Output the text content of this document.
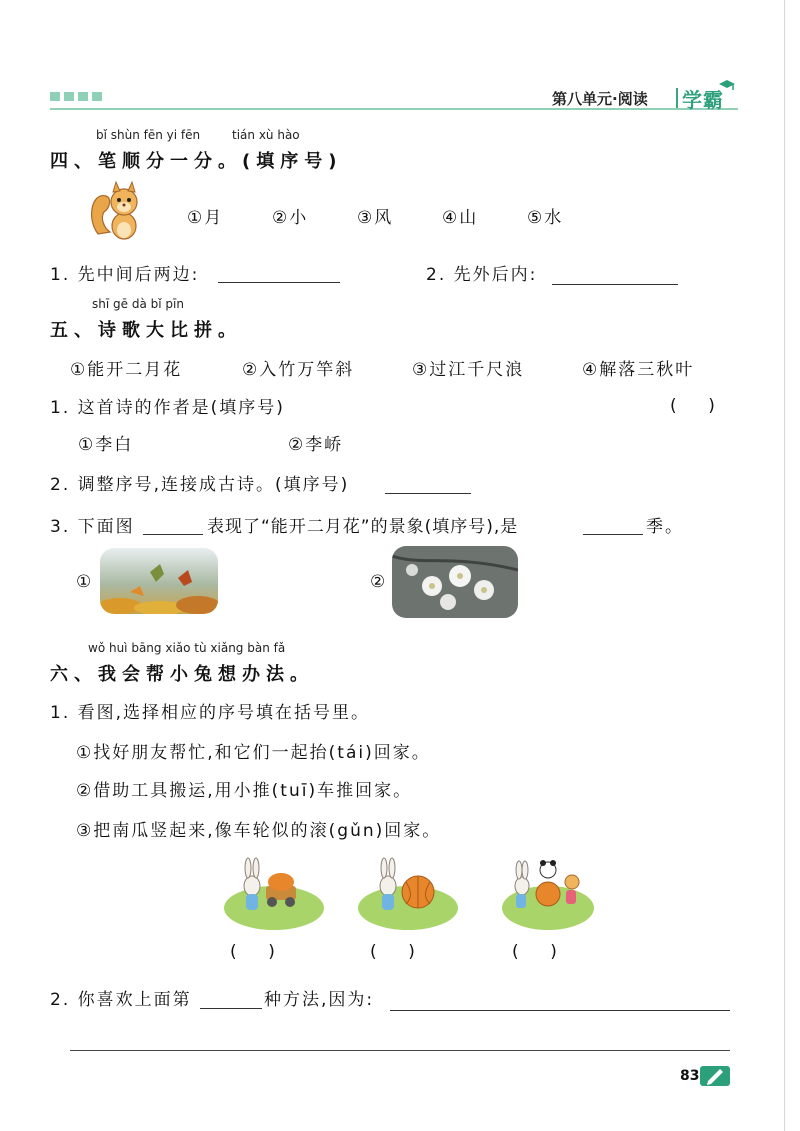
第八单元·阅读 学霸
bǐ shùn fēn yi fēn	tián xù hào
四、笔顺分一分。(填序号)
①月	②小	③风	④山	⑤水
1. 先中间后两边:	2. 先外后内:
shī gē dà bǐ pīn
五、诗歌大比拼。
①能开二月花	②入竹万竿斜	③过江千尺浪	④解落三秋叶
1. 这首诗的作者是(填序号)	(    )
①李白	②李峤
2. 调整序号,连接成古诗。(填序号)
3. 下面图	表现了“能开二月花”的景象(填序号),是	季。
①	②
wǒ huì bāng xiǎo tù xiǎng bàn fǎ
六、我会帮小兔想办法。
1. 看图,选择相应的序号填在括号里。
①找好朋友帮忙,和它们一起抬(tái)回家。
②借助工具搬运,用小推(tuī)车推回家。
③把南瓜竖起来,像车轮似的滚(gǔn)回家。
(    )	(    )	(    )
2. 你喜欢上面第	种方法,因为:
83
